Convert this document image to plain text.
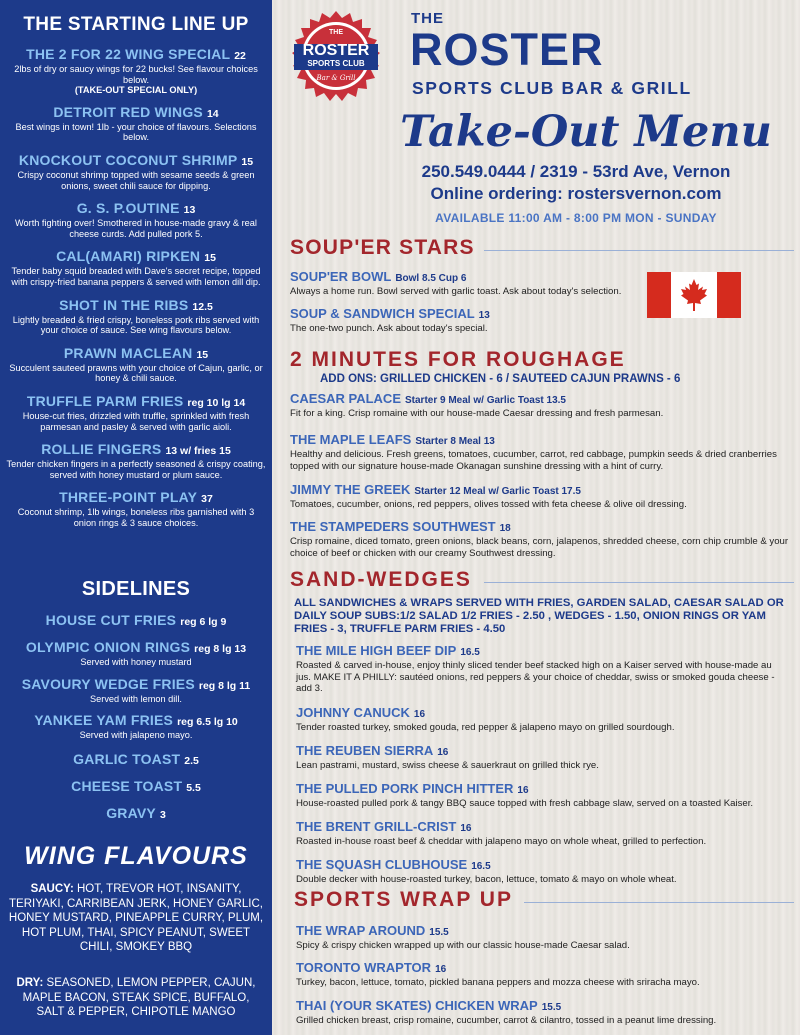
THE STARTING LINE UP
THE 2 FOR 22 WING SPECIAL 22
2lbs of dry or saucy wings for 22 bucks! See flavour choices below.
(TAKE-OUT SPECIAL ONLY)
DETROIT RED WINGS 14
Best wings in town! 1lb - your choice of flavours. Selections below.
KNOCKOUT COCONUT SHRIMP 15
Crispy coconut shrimp topped with sesame seeds & green onions, sweet chili sauce for dipping.
G. S. P.OUTINE 13
Worth fighting over! Smothered in house-made gravy & real cheese curds. Add pulled pork 5.
CAL(AMARI) RIPKEN 15
Tender baby squid breaded with Dave's secret recipe, topped with crispy-fried banana peppers & served with lemon dill dip.
SHOT IN THE RIBS 12.5
Lightly breaded & fried crispy, boneless pork ribs served with your choice of sauce. See wing flavours below.
PRAWN MACLEAN 15
Succulent sauteed prawns with your choice of Cajun, garlic, or honey & chili sauce.
TRUFFLE PARM FRIES reg 10 lg 14
House-cut fries, drizzled with truffle, sprinkled with fresh parmesan and pasley & served with garlic aioli.
ROLLIE FINGERS 13 w/ fries 15
Tender chicken fingers in a perfectly seasoned & crispy coating, served with honey mustard or plum sauce.
THREE-POINT PLAY 37
Coconut shrimp, 1lb wings, boneless ribs garnished with 3 onion rings & 3 sauce choices.
SIDELINES
HOUSE CUT FRIES reg 6 lg 9
OLYMPIC ONION RINGS reg 8 lg 13
Served with honey mustard
SAVOURY WEDGE FRIES reg 8 lg 11
Served with lemon dill.
YANKEE YAM FRIES reg 6.5 lg 10
Served with jalapeno mayo.
GARLIC TOAST 2.5
CHEESE TOAST 5.5
GRAVY 3
WING FLAVOURS
SAUCY: HOT, TREVOR HOT, INSANITY, TERIYAKI, CARRIBEAN JERK, HONEY GARLIC, HONEY MUSTARD, PINEAPPLE CURRY, PLUM, HOT PLUM, THAI, SPICY PEANUT, SWEET CHILI, SMOKEY BBQ
DRY: SEASONED, LEMON PEPPER, CAJUN, MAPLE BACON, STEAK SPICE, BUFFALO, SALT & PEPPER, CHIPOTLE MANGO
THE
ROSTER
SPORTS CLUB
Bar & Grill
THE
ROSTER
SPORTS CLUB BAR & GRILL
Take-Out Menu
250.549.0444 / 2319 - 53rd Ave, Vernon
Online ordering: rostersvernon.com
AVAILABLE 11:00 AM - 8:00 PM MON - SUNDAY
SOUP'ER STARS
SOUP'ER BOWL Bowl 8.5 Cup 6
Always a home run. Bowl served with garlic toast. Ask about today's selection.
SOUP & SANDWICH SPECIAL 13
The one-two punch. Ask about today's special.
2 MINUTES FOR ROUGHAGE
ADD ONS: GRILLED CHICKEN - 6 / SAUTEED CAJUN PRAWNS - 6
CAESAR PALACE Starter 9 Meal w/ Garlic Toast 13.5
Fit for a king. Crisp romaine with our house-made Caesar dressing and fresh parmesan.
THE MAPLE LEAFS Starter 8 Meal 13
Healthy and delicious. Fresh greens, tomatoes, cucumber, carrot, red cabbage, pumpkin seeds & dried cranberries topped with our signature house-made Okanagan sunshine dressing with a hint of curry.
JIMMY THE GREEK Starter 12 Meal w/ Garlic Toast 17.5
Tomatoes, cucumber, onions, red peppers, olives tossed with feta cheese & olive oil dressing.
THE STAMPEDERS SOUTHWEST 18
Crisp romaine, diced tomato, green onions, black beans, corn, jalapenos, shredded cheese, corn chip crumble & your choice of beef or chicken with our creamy Southwest dressing.
SAND-WEDGES
ALL SANDWICHES & WRAPS SERVED WITH FRIES, GARDEN SALAD, CAESAR SALAD OR DAILY SOUP SUBS:1/2 SALAD 1/2 FRIES - 2.50 , WEDGES - 1.50, ONION RINGS OR YAM FRIES - 3, TRUFFLE PARM FRIES - 4.50
THE MILE HIGH BEEF DIP 16.5
Roasted & carved in-house, enjoy thinly sliced tender beef stacked high on a Kaiser served with house-made au jus. MAKE IT A PHILLY: sautéed onions, red peppers & your choice of cheddar, swiss or smoked gouda cheese - add 3.
JOHNNY CANUCK 16
Tender roasted turkey, smoked gouda, red pepper & jalapeno mayo on grilled sourdough.
THE REUBEN SIERRA 16
Lean pastrami, mustard, swiss cheese & sauerkraut on grilled thick rye.
THE PULLED PORK PINCH HITTER 16
House-roasted pulled pork & tangy BBQ sauce topped with fresh cabbage slaw, served on a toasted Kaiser.
THE BRENT GRILL-CRIST 16
Roasted in-house roast beef & cheddar with jalapeno mayo on whole wheat, grilled to perfection.
THE SQUASH CLUBHOUSE 16.5
Double decker with house-roasted turkey, bacon, lettuce, tomato & mayo on whole wheat.
SPORTS WRAP UP
THE WRAP AROUND 15.5
Spicy & crispy chicken wrapped up with our classic house-made Caesar salad.
TORONTO WRAPTOR 16
Turkey, bacon, lettuce, tomato, pickled banana peppers and mozza cheese with sriracha mayo.
THAI (YOUR SKATES) CHICKEN WRAP 15.5
Grilled chicken breast, crisp romaine, cucumber, carrot & cilantro, tossed in a peanut lime dressing.
